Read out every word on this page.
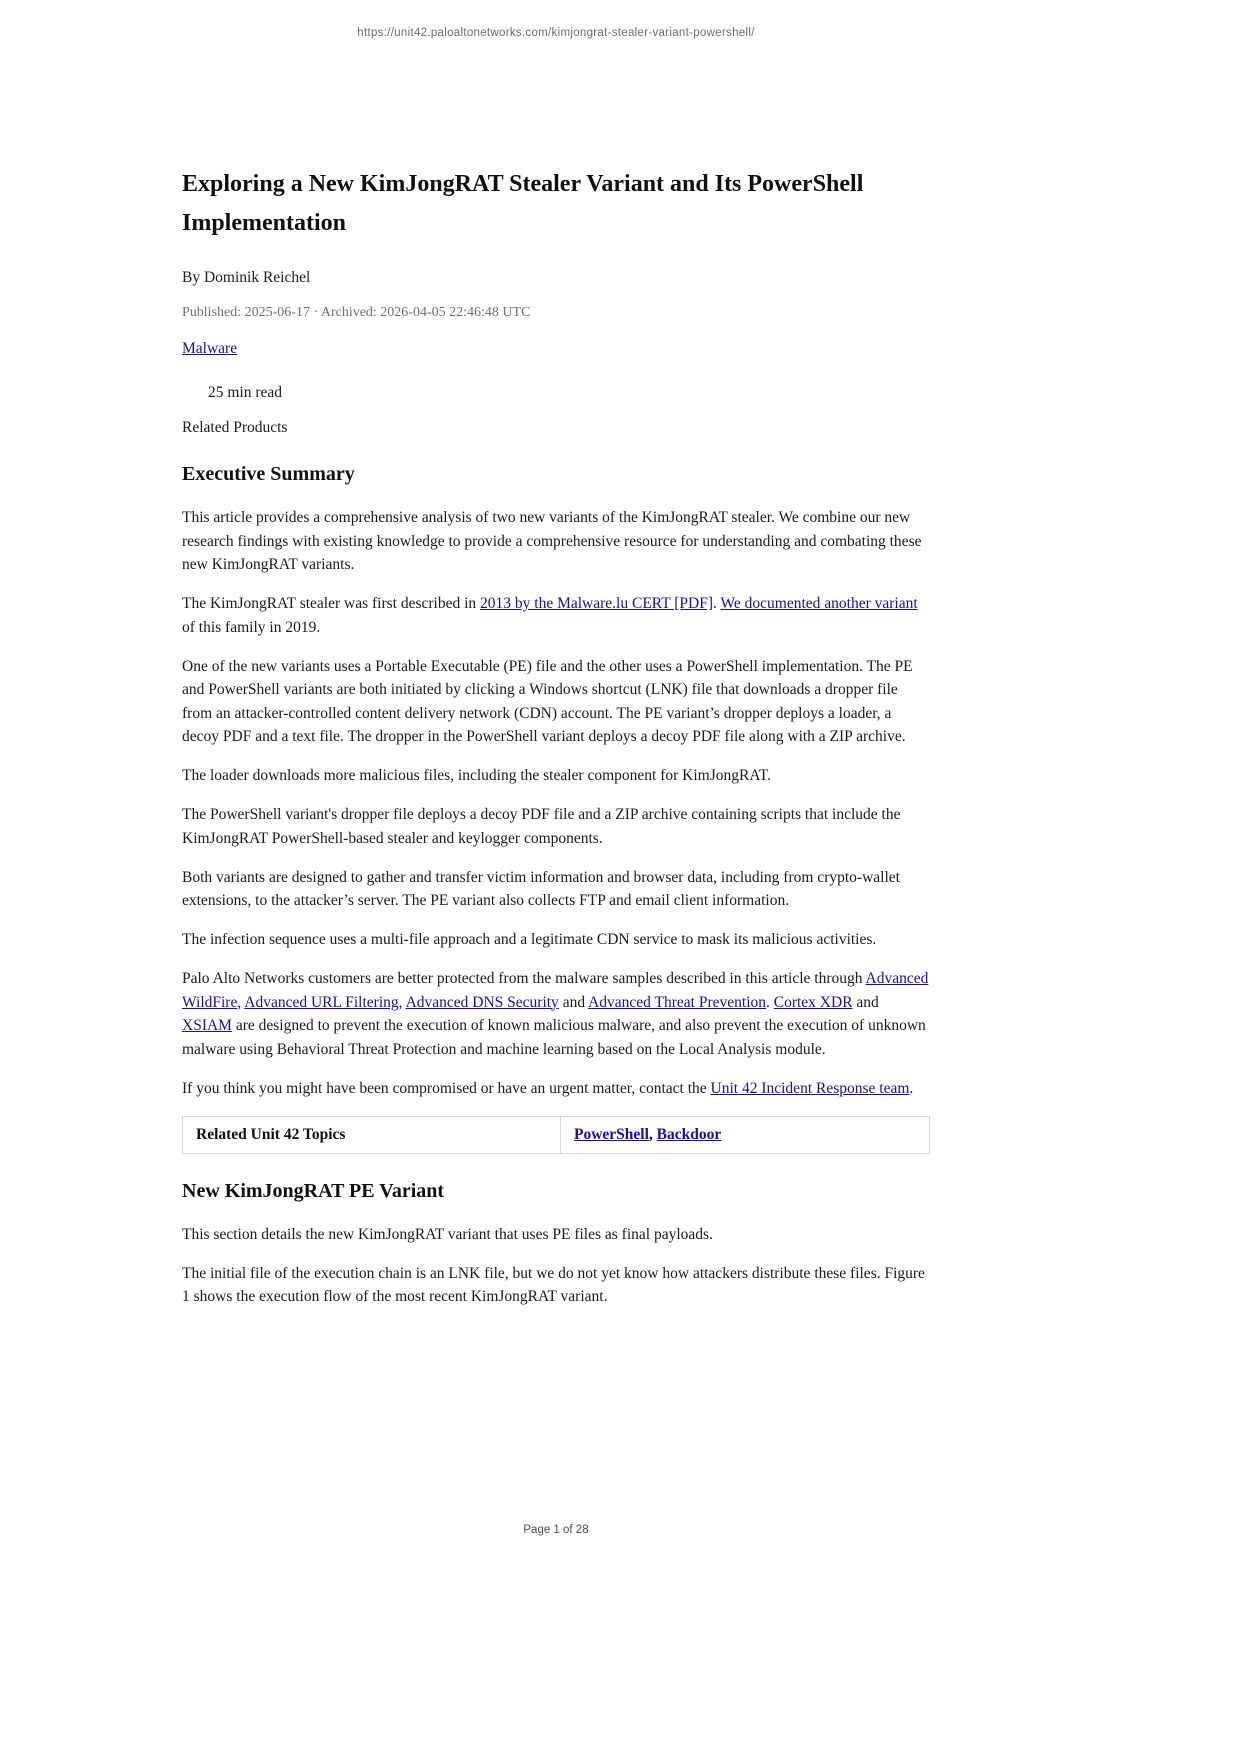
https://unit42.paloaltonetworks.com/kimjongrat-stealer-variant-powershell/
Exploring a New KimJongRAT Stealer Variant and Its PowerShell Implementation

By Dominik Reichel

Published: 2025-06-17 · Archived: 2026-04-05 22:46:48 UTC

Malware

25 min read

Related Products

Executive Summary

This article provides a comprehensive analysis of two new variants of the KimJongRAT stealer. We combine our new research findings with existing knowledge to provide a comprehensive resource for understanding and combating these new KimJongRAT variants.

The KimJongRAT stealer was first described in 2013 by the Malware.lu CERT [PDF]. We documented another variant of this family in 2019.

One of the new variants uses a Portable Executable (PE) file and the other uses a PowerShell implementation. The PE and PowerShell variants are both initiated by clicking a Windows shortcut (LNK) file that downloads a dropper file from an attacker-controlled content delivery network (CDN) account. The PE variant’s dropper deploys a loader, a decoy PDF and a text file. The dropper in the PowerShell variant deploys a decoy PDF file along with a ZIP archive.

The loader downloads more malicious files, including the stealer component for KimJongRAT.

The PowerShell variant's dropper file deploys a decoy PDF file and a ZIP archive containing scripts that include the KimJongRAT PowerShell-based stealer and keylogger components.

Both variants are designed to gather and transfer victim information and browser data, including from crypto-wallet extensions, to the attacker’s server. The PE variant also collects FTP and email client information.

The infection sequence uses a multi-file approach and a legitimate CDN service to mask its malicious activities.

Palo Alto Networks customers are better protected from the malware samples described in this article through Advanced WildFire, Advanced URL Filtering, Advanced DNS Security and Advanced Threat Prevention. Cortex XDR and XSIAM are designed to prevent the execution of known malicious malware, and also prevent the execution of unknown malware using Behavioral Threat Protection and machine learning based on the Local Analysis module.

If you think you might have been compromised or have an urgent matter, contact the Unit 42 Incident Response team.

Related Unit 42 Topics	PowerShell, Backdoor
New KimJongRAT PE Variant

This section details the new KimJongRAT variant that uses PE files as final payloads.

The initial file of the execution chain is an LNK file, but we do not yet know how attackers distribute these files. Figure 1 shows the execution flow of the most recent KimJongRAT variant.

Page 1 of 28
